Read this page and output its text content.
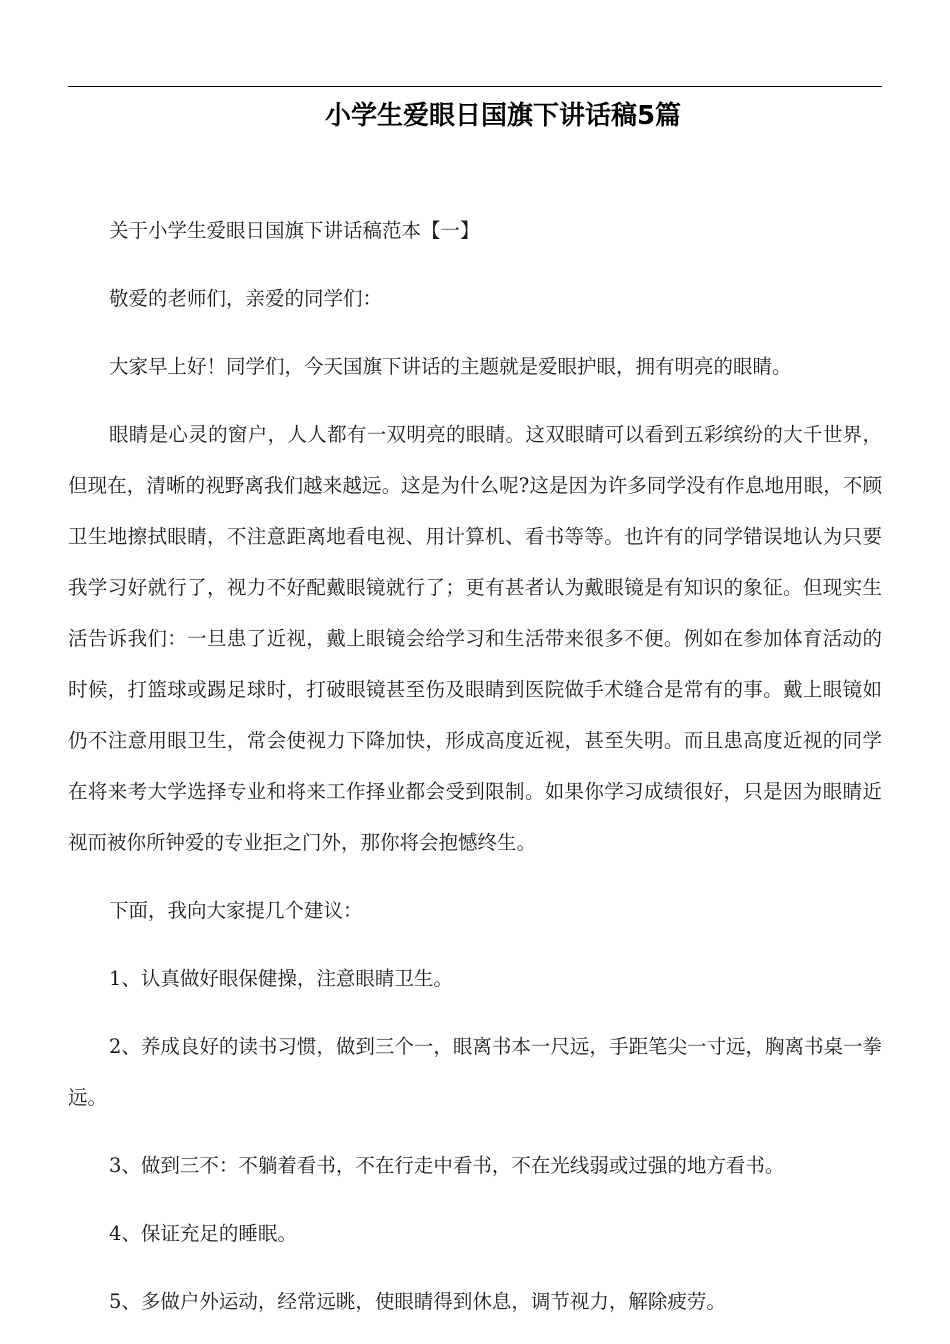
小学生爱眼日国旗下讲话稿5篇

关于小学生爱眼日国旗下讲话稿范本【一】

敬爱的老师们，亲爱的同学们：

大家早上好！同学们，今天国旗下讲话的主题就是爱眼护眼，拥有明亮的眼睛。

眼睛是心灵的窗户，人人都有一双明亮的眼睛。这双眼睛可以看到五彩缤纷的大千世界，但现在，清晰的视野离我们越来越远。这是为什么呢?这是因为许多同学没有作息地用眼，不顾卫生地擦拭眼睛，不注意距离地看电视、用计算机、看书等等。也许有的同学错误地认为只要我学习好就行了，视力不好配戴眼镜就行了；更有甚者认为戴眼镜是有知识的象征。但现实生活告诉我们：一旦患了近视，戴上眼镜会给学习和生活带来很多不便。例如在参加体育活动的时候，打篮球或踢足球时，打破眼镜甚至伤及眼睛到医院做手术缝合是常有的事。戴上眼镜如仍不注意用眼卫生，常会使视力下降加快，形成高度近视，甚至失明。而且患高度近视的同学在将来考大学选择专业和将来工作择业都会受到限制。如果你学习成绩很好，只是因为眼睛近视而被你所钟爱的专业拒之门外，那你将会抱憾终生。

下面，我向大家提几个建议：

1、认真做好眼保健操，注意眼睛卫生。

2、养成良好的读书习惯，做到三个一，眼离书本一尺远，手距笔尖一寸远，胸离书桌一拳远。

3、做到三不：不躺着看书，不在行走中看书，不在光线弱或过强的地方看书。

4、保证充足的睡眠。

5、多做户外运动，经常远眺，使眼睛得到休息，调节视力，解除疲劳。
